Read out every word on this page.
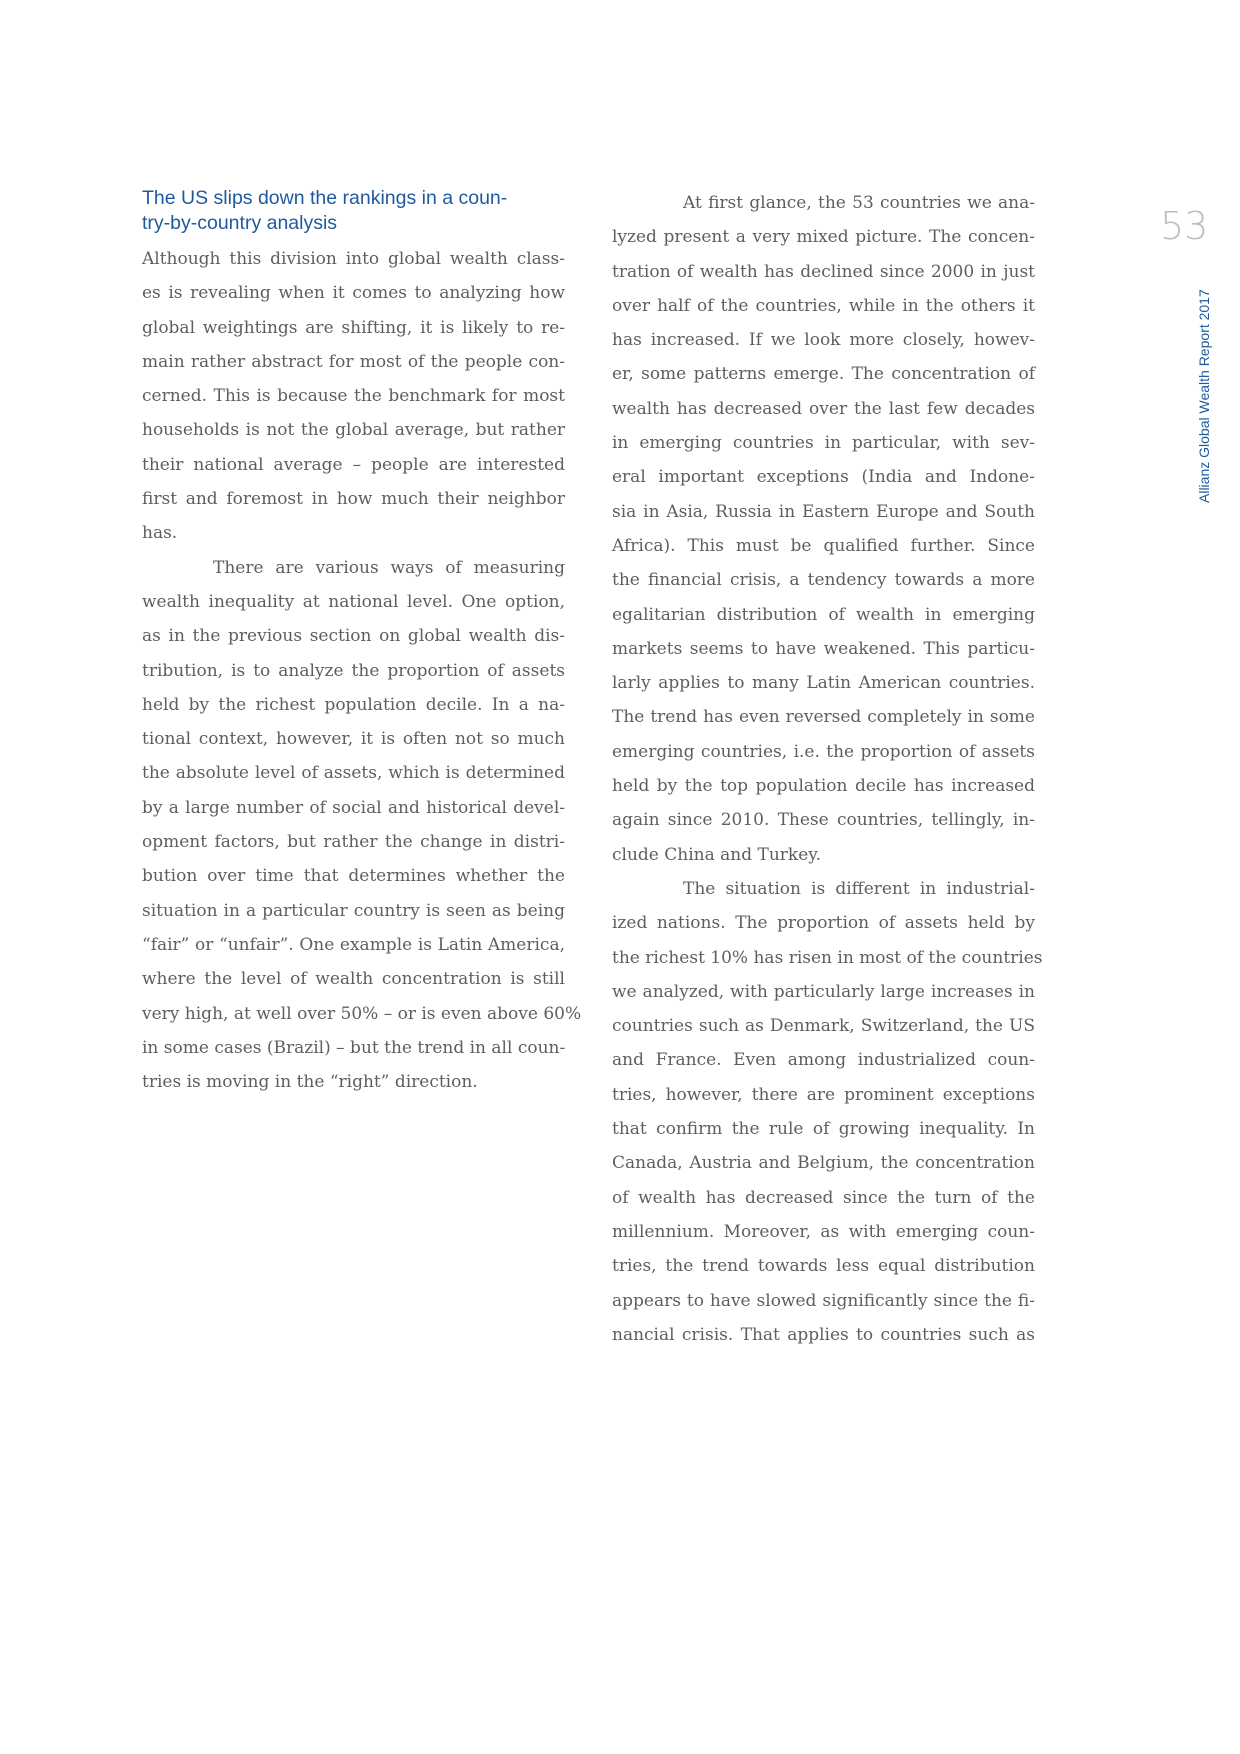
The US slips down the rankings in a coun-
try-by-country analysis

Although this division into global wealth class-
es is revealing when it comes to analyzing how
global weightings are shifting, it is likely to re-
main rather abstract for most of the people con-
cerned. This is because the benchmark for most
households is not the global average, but rather
their national average – people are interested
first and foremost in how much their neighbor
has.

There are various ways of measuring
wealth inequality at national level. One option,
as in the previous section on global wealth dis-
tribution, is to analyze the proportion of assets
held by the richest population decile. In a na-
tional context, however, it is often not so much
the absolute level of assets, which is determined
by a large number of social and historical devel-
opment factors, but rather the change in distri-
bution over time that determines whether the
situation in a particular country is seen as being
“fair” or “unfair”. One example is Latin America,
where the level of wealth concentration is still
very high, at well over 50% – or is even above 60%
in some cases (Brazil) – but the trend in all coun-
tries is moving in the “right” direction.

At first glance, the 53 countries we ana-
lyzed present a very mixed picture. The concen-
tration of wealth has declined since 2000 in just
over half of the countries, while in the others it
has increased. If we look more closely, howev-
er, some patterns emerge. The concentration of
wealth has decreased over the last few decades
in emerging countries in particular, with sev-
eral important exceptions (India and Indone-
sia in Asia, Russia in Eastern Europe and South
Africa). This must be qualified further. Since
the financial crisis, a tendency towards a more
egalitarian distribution of wealth in emerging
markets seems to have weakened. This particu-
larly applies to many Latin American countries.
The trend has even reversed completely in some
emerging countries, i.e. the proportion of assets
held by the top population decile has increased
again since 2010. These countries, tellingly, in-
clude China and Turkey.

The situation is different in industrial-
ized nations. The proportion of assets held by
the richest 10% has risen in most of the countries
we analyzed, with particularly large increases in
countries such as Denmark, Switzerland, the US
and France. Even among industrialized coun-
tries, however, there are prominent exceptions
that confirm the rule of growing inequality. In
Canada, Austria and Belgium, the concentration
of wealth has decreased since the turn of the
millennium. Moreover, as with emerging coun-
tries, the trend towards less equal distribution
appears to have slowed significantly since the fi-
nancial crisis. That applies to countries such as

53
Allianz Global Wealth Report 2017
